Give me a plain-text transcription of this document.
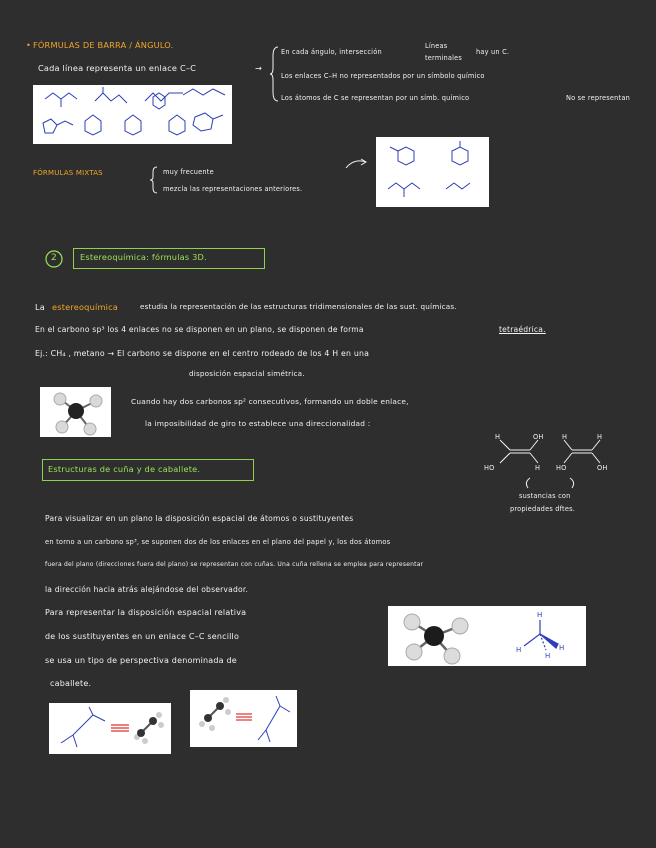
• FÓRMULAS DE BARRA / ÁNGULO.
Cada línea representa un enlace C–C	→
En cada ángulo, intersección
Líneas
terminales
hay un C.
Los enlaces C–H no representados por un símbolo químico
Los átomos de C se representan por un símb. químico	No se representan
FÓRMULAS MIXTAS	muy frecuente
mezcla las representaciones anteriores.
2	Estereoquímica: fórmulas 3D.
La estereoquímica	estudia la representación de las estructuras tridimensionales de las sust. químicas.
En el carbono sp³ los 4 enlaces no se disponen en un plano, se disponen de forma	tetraédrica.
Ej.: CH₄ , metano → El carbono se dispone en el centro rodeado de los 4 H en una
disposición espacial simétrica.
Cuando hay dos carbonos sp² consecutivos, formando un doble enlace,
la imposibilidad de giro to establece una direccionalidad :
H	OH
HO	H
H	H
HO	OH
sustancias con
propiedades dftes.
Estructuras de cuña y de caballete.
Para visualizar en un plano la disposición espacial de átomos o sustituyentes
en torno a un carbono sp³, se suponen dos de los enlaces en el plano del papel y, los dos átomos
fuera del plano (direcciones fuera del plano) se representan con cuñas. Una cuña rellena se emplea para representar
la dirección hacia atrás alejándose del observador.
Para representar la disposición espacial relativa
de los sustituyentes en un enlace C–C sencillo
se usa un tipo de perspectiva denominada de
caballete.
H
H	H
H
